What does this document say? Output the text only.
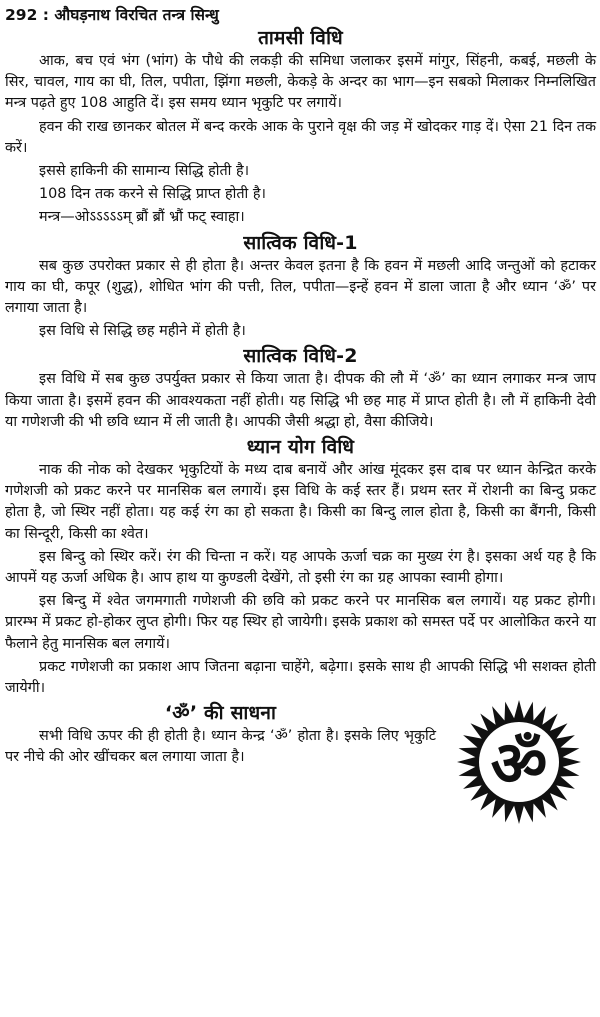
292 : औघड़नाथ विरचित तन्त्र सिन्धु
तामसी विधि

आक, बच एवं भंग (भांग) के पौधे की लकड़ी की समिधा जलाकर इसमें मांगुर, सिंहनी, कबई, मछली के सिर, चावल, गाय का घी, तिल, पपीता, झिंगा मछली, केकड़े के अन्दर का भाग—इन सबको मिलाकर निम्नलिखित मन्त्र पढ़ते हुए 108 आहुति दें। इस समय ध्यान भृकुटि पर लगायें।

हवन की राख छानकर बोतल में बन्द करके आक के पुराने वृक्ष की जड़ में खोदकर गाड़ दें। ऐसा 21 दिन तक करें।

इससे हाकिनी की सामान्य सिद्धि होती है।

108 दिन तक करने से सिद्धि प्राप्त होती है।

मन्त्र—ओऽऽऽऽऽम् ब्रौं ब्रौं भ्रौं फट् स्वाहा।

सात्विक विधि-1

सब कुछ उपरोक्त प्रकार से ही होता है। अन्तर केवल इतना है कि हवन में मछली आदि जन्तुओं को हटाकर गाय का घी, कपूर (शुद्ध), शोधित भांग की पत्ती, तिल, पपीता—इन्हें हवन में डाला जाता है और ध्यान ‘ॐ’ पर लगाया जाता है।

इस विधि से सिद्धि छह महीने में होती है।

सात्विक विधि-2

इस विधि में सब कुछ उपर्युक्त प्रकार से किया जाता है। दीपक की लौ में ‘ॐ’ का ध्यान लगाकर मन्त्र जाप किया जाता है। इसमें हवन की आवश्यकता नहीं होती। यह सिद्धि भी छह माह में प्राप्त होती है। लौ में हाकिनी देवी या गणेशजी की भी छवि ध्यान में ली जाती है। आपकी जैसी श्रद्धा हो, वैसा कीजिये।

ध्यान योग विधि

नाक की नोक को देखकर भृकुटियों के मध्य दाब बनायें और आंख मूंदकर इस दाब पर ध्यान केन्द्रित करके गणेशजी को प्रकट करने पर मानसिक बल लगायें। इस विधि के कई स्तर हैं। प्रथम स्तर में रोशनी का बिन्दु प्रकट होता है, जो स्थिर नहीं होता। यह कई रंग का हो सकता है। किसी का बिन्दु लाल होता है, किसी का बैंगनी, किसी का सिन्दूरी, किसी का श्वेत।

इस बिन्दु को स्थिर करें। रंग की चिन्ता न करें। यह आपके ऊर्जा चक्र का मुख्य रंग है। इसका अर्थ यह है कि आपमें यह ऊर्जा अधिक है। आप हाथ या कुण्डली देखेंगे, तो इसी रंग का ग्रह आपका स्वामी होगा।

इस बिन्दु में श्वेत जगमगाती गणेशजी की छवि को प्रकट करने पर मानसिक बल लगायें। यह प्रकट होगी। प्रारम्भ में प्रकट हो-होकर लुप्त होगी। फिर यह स्थिर हो जायेगी। इसके प्रकाश को समस्त पर्दे पर आलोकित करने या फैलाने हेतु मानसिक बल लगायें।

प्रकट गणेशजी का प्रकाश आप जितना बढ़ाना चाहेंगे, बढ़ेगा। इसके साथ ही आपकी सिद्धि भी सशक्त होती जायेगी।

‘ॐ’ की साधना

सभी विधि ऊपर की ही होती है। ध्यान केन्द्र ‘ॐ’ होता है। इसके लिए भृकुटि पर नीचे की ओर खींचकर बल लगाया जाता है।	ॐ
